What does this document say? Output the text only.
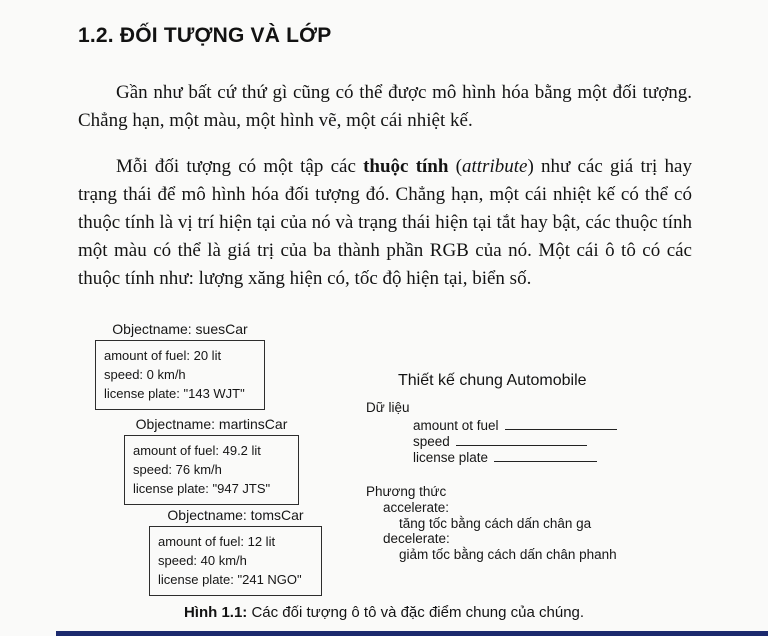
1.2. ĐỐI TƯỢNG VÀ LỚP

Gần như bất cứ thứ gì cũng có thể được mô hình hóa bằng một đối tượng. Chẳng hạn, một màu, một hình vẽ, một cái nhiệt kế.

Mỗi đối tượng có một tập các thuộc tính (attribute) như các giá trị hay trạng thái để mô hình hóa đối tượng đó. Chẳng hạn, một cái nhiệt kế có thể có thuộc tính là vị trí hiện tại của nó và trạng thái hiện tại tắt hay bật, các thuộc tính một màu có thể là giá trị của ba thành phần RGB của nó. Một cái ô tô có các thuộc tính như: lượng xăng hiện có, tốc độ hiện tại, biển số.

Objectname: suesCar
amount of fuel: 20 lit
speed: 0 km/h
license plate: "143 WJT"
Objectname: martinsCar
amount of fuel: 49.2 lit
speed: 76 km/h
license plate: "947 JTS"
Objectname: tomsCar
amount of fuel: 12 lit
speed: 40 km/h
license plate: "241 NGO"
Thiết kế chung Automobile
Dữ liệu
amount ot fuel
speed
license plate
Phương thức
accelerate:
tăng tốc bằng cách dấn chân ga
decelerate:
giảm tốc bằng cách dấn chân phanh
Hình 1.1: Các đối tượng ô tô và đặc điểm chung của chúng.
